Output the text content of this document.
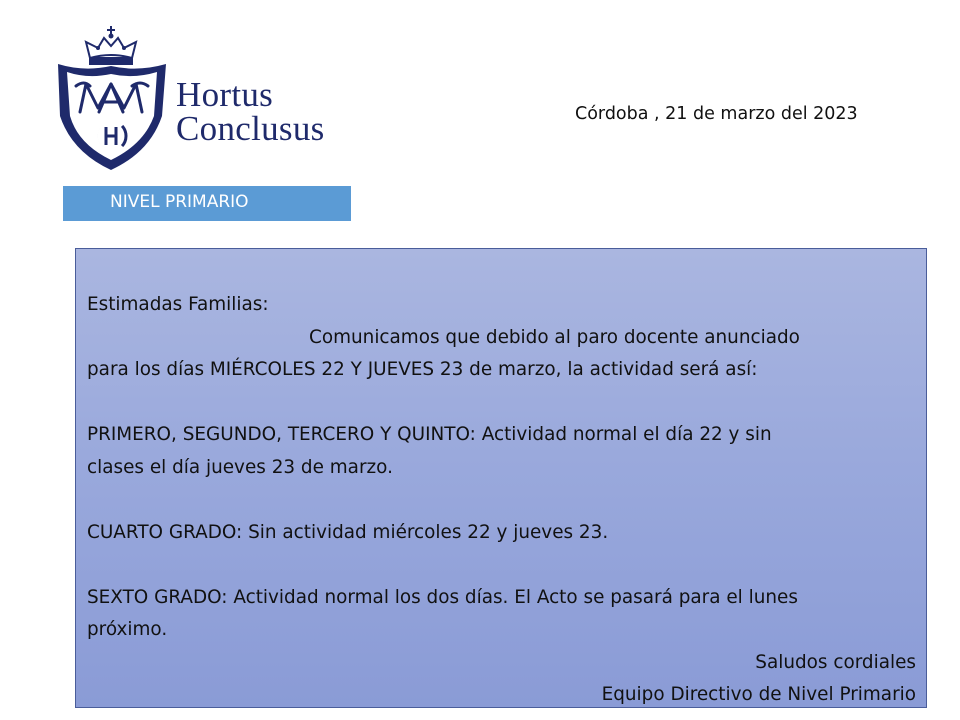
Hortus
Conclusus	Córdoba , 21 de marzo del 2023
NIVEL PRIMARIO

Estimadas Familias:

Comunicamos que debido al paro docente anunciado

para los días MIÉRCOLES 22 Y JUEVES 23 de marzo, la actividad será así:

PRIMERO, SEGUNDO, TERCERO Y QUINTO: Actividad normal el día 22 y sin

clases el día jueves 23 de marzo.

CUARTO GRADO: Sin actividad miércoles 22 y jueves 23.

SEXTO GRADO: Actividad normal los dos días. El Acto se pasará para el lunes

próximo.

Saludos cordiales

Equipo Directivo de Nivel Primario
